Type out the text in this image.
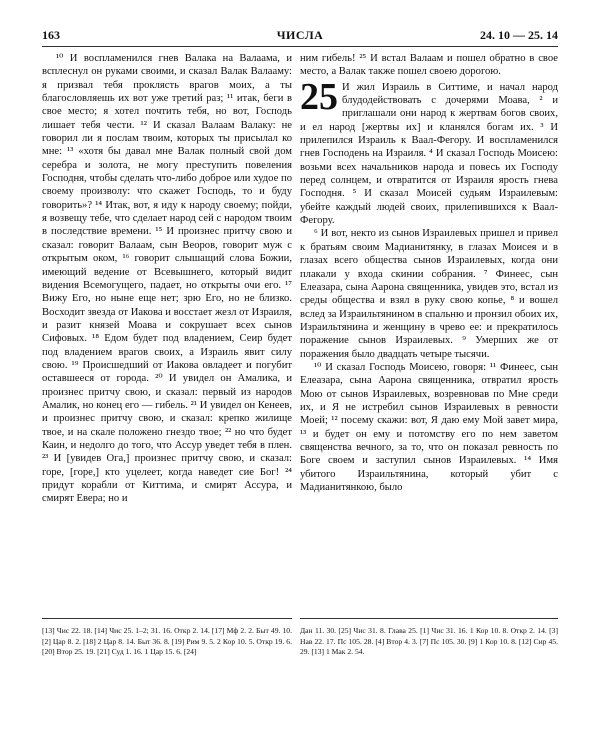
163	ЧИСЛА	24. 10 — 25. 14

¹⁰ И воспламенился гнев Валака на Валаама, и всплеснул он руками своими, и сказал Валак Валааму: я призвал тебя проклясть врагов моих, а ты благословляешь их вот уже третий раз; ¹¹ итак, беги в свое место; я хотел почтить тебя, но вот, Господь лишает тебя чести. ¹² И сказал Валаам Валаку: не говорил ли я послам твоим, которых ты присылал ко мне: ¹³ «хотя бы давал мне Валак полный свой дом серебра и золота, не могу преступить повеления Господня, чтобы сделать что-либо доброе или худое по своему произволу: что скажет Господь, то и буду говорить»? ¹⁴ Итак, вот, я иду к народу своему; пойди, я возвещу тебе, что сделает народ сей с народом твоим в последствие времени. ¹⁵ И произнес притчу свою и сказал: говорит Валаам, сын Веоров, говорит муж с открытым оком, ¹⁶ говорит слышащий слова Божии, имеющий ведение от Всевышнего, который видит видения Всемогущего, падает, но открыты очи его. ¹⁷ Вижу Его, но ныне еще нет; зрю Его, но не близко. Восходит звезда от Иакова и восстает жезл от Израиля, и разит князей Моава и сокрушает всех сынов Сифовых. ¹⁸ Едом будет под владением, Сеир будет под владением врагов своих, а Израиль явит силу свою. ¹⁹ Происшедший от Иакова овладеет и погубит оставшееся от города. ²⁰ И увидел он Амалика, и произнес притчу свою, и сказал: первый из народов Амалик, но конец его — гибель. ²¹ И увидел он Кенеев, и произнес притчу свою, и сказал: крепко жилище твое, и на скале положено гнездо твое; ²² но что будет Каин, и недолго до того, что Ассур уведет тебя в плен. ²³ И [увидев Ога,] произнес притчу свою, и сказал: горе, [горе,] кто уцелеет, когда наведет сие Бог! ²⁴ придут корабли от Киттима, и смирят Ассура, и смирят Евера; но и

ним гибель! ²⁵ И встал Валаам и пошел обратно в свое место, а Валак также пошел своею дорогою.

25 И жил Израиль в Ситтиме, и начал народ блудодействовать с дочерями Моава, ² и приглашали они народ к жертвам богов своих, и ел народ [жертвы их] и кланялся богам их. ³ И прилепился Израиль к Ваал-Фегору. И воспламенился гнев Господень на Израиля. ⁴ И сказал Господь Моисею: возьми всех начальников народа и повесь их Господу перед солнцем, и отвратится от Израиля ярость гнева Господня. ⁵ И сказал Моисей судьям Израилевым: убейте каждый людей своих, прилепившихся к Ваал-Фегору.

⁶ И вот, некто из сынов Израилевых пришел и привел к братьям своим Мадианитянку, в глазах Моисея и в глазах всего общества сынов Израилевых, когда они плакали у входа скинии собрания. ⁷ Финеес, сын Елеазара, сына Аарона священника, увидев это, встал из среды общества и взял в руку свою копье, ⁸ и вошел вслед за Израильтянином в спальню и пронзил обоих их, Израильтянина и женщину в чрево ее: и прекратилось поражение сынов Израилевых. ⁹ Умерших же от поражения было двадцать четыре тысячи.

¹⁰ И сказал Господь Моисею, говоря: ¹¹ Финеес, сын Елеазара, сына Аарона священника, отвратил ярость Мою от сынов Израилевых, возревновав по Мне среди их, и Я не истребил сынов Израилевых в ревности Моей; ¹² посему скажи: вот, Я даю ему Мой завет мира, ¹³ и будет он ему и потомству его по нем заветом священства вечного, за то, что он показал ревность по Боге своем и заступил сынов Израилевых. ¹⁴ Имя убитого Израильтянина, который убит с Мадианитянкою, было

[13] Чис 22. 18. [14] Чис 25. 1–2; 31. 16. Откр 2. 14. [17] Мф 2. 2. Быт 49. 10. [2] Цар 8. 2. [18] 2 Цар 8. 14. Быт 36. 8. [19] Рим 9. 5. 2 Кор 10. 5. Откр 19. 6. [20] Втор 25. 19. [21] Суд 1. 16. 1 Цар 15. 6. [24]
Дан 11. 30. [25] Чис 31. 8. Глава 25. [1] Чис 31. 16. 1 Кор 10. 8. Откр 2. 14. [3] Нав 22. 17. Пс 105. 28. [4] Втор 4. 3. [7] Пс 105. 30. [9] 1 Кор 10. 8. [12] Сир 45. 29. [13] 1 Мак 2. 54.
